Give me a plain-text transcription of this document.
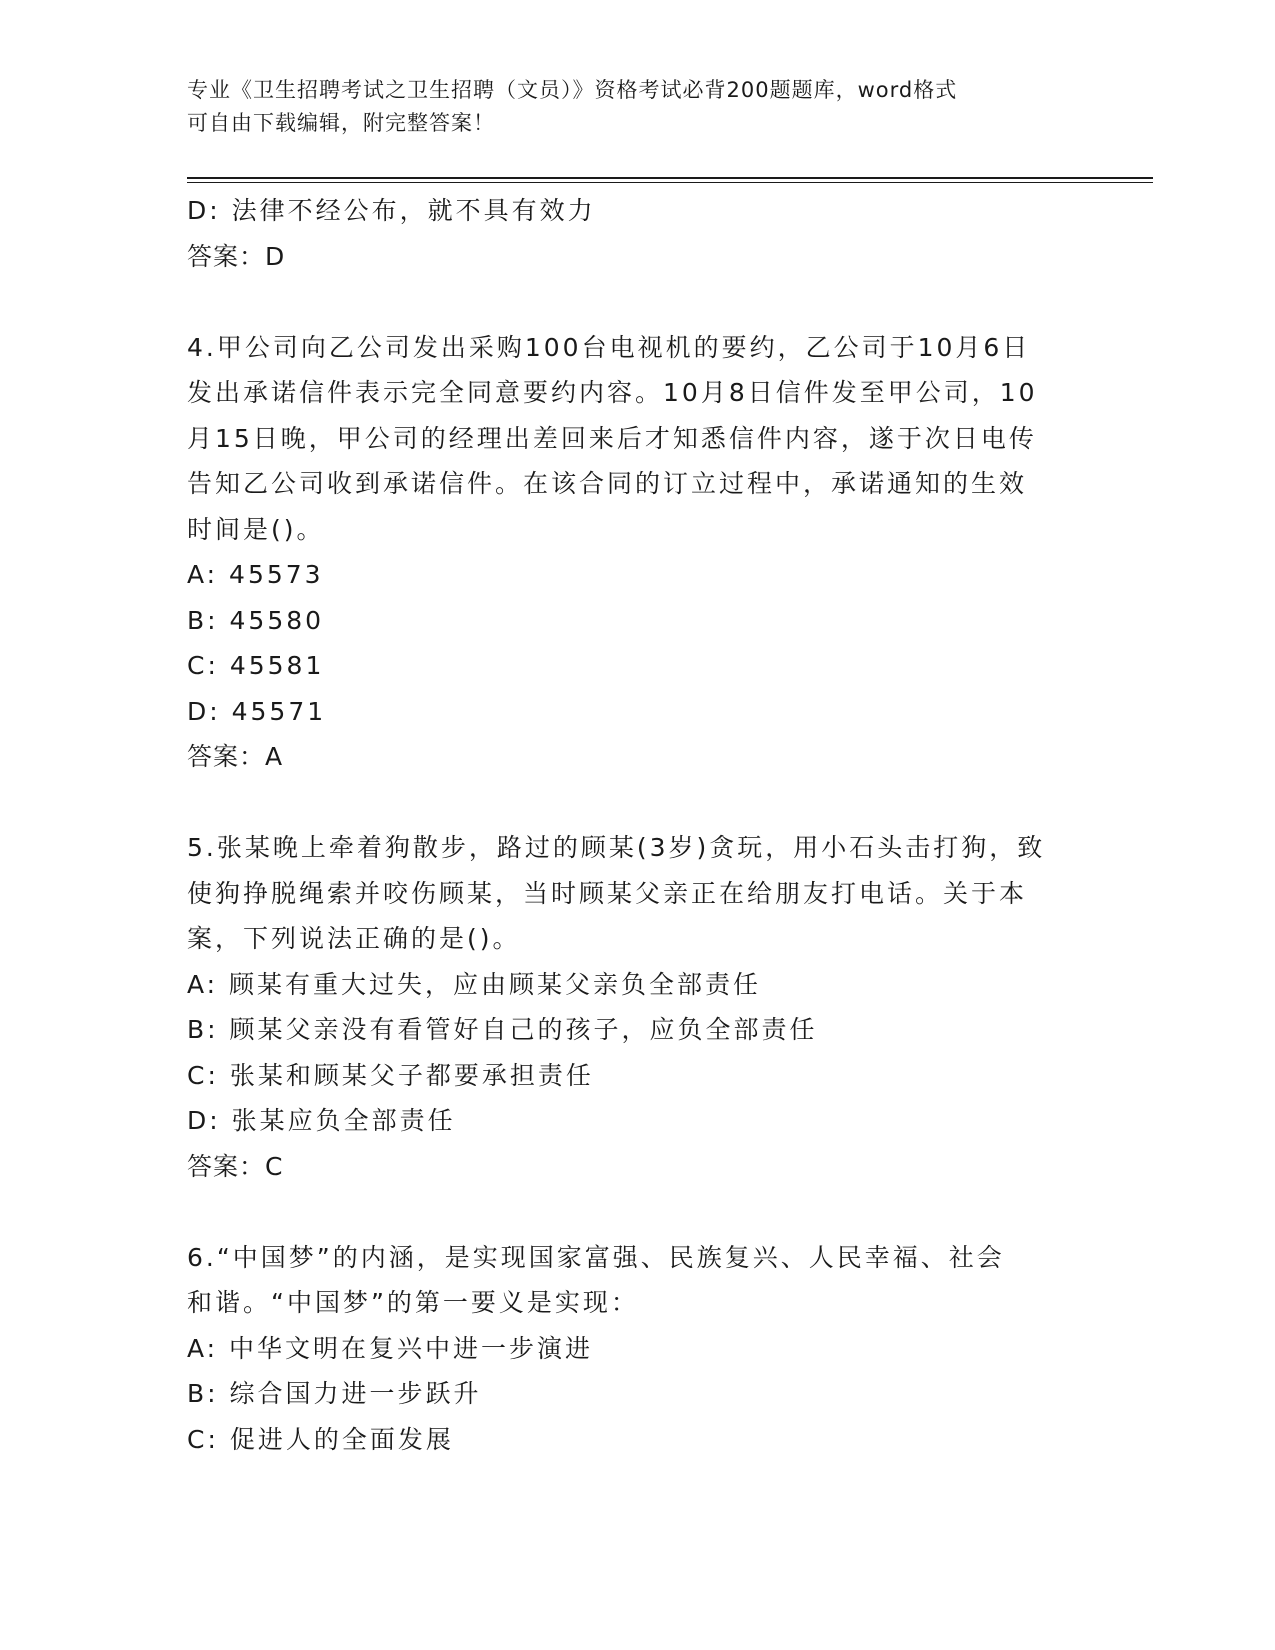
专业《卫生招聘考试之卫生招聘（文员）》资格考试必背200题题库，word格式
可自由下载编辑，附完整答案！
D: 法律不经公布，就不具有效力
答案：D
4.甲公司向乙公司发出采购100台电视机的要约，乙公司于10月6日
发出承诺信件表示完全同意要约内容。10月8日信件发至甲公司，10
月15日晚，甲公司的经理出差回来后才知悉信件内容，遂于次日电传
告知乙公司收到承诺信件。在该合同的订立过程中，承诺通知的生效
时间是()。
A: 45573
B: 45580
C: 45581
D: 45571
答案：A
5.张某晚上牵着狗散步，路过的顾某(3岁)贪玩，用小石头击打狗，致
使狗挣脱绳索并咬伤顾某，当时顾某父亲正在给朋友打电话。关于本
案，下列说法正确的是()。
A: 顾某有重大过失，应由顾某父亲负全部责任
B: 顾某父亲没有看管好自己的孩子，应负全部责任
C: 张某和顾某父子都要承担责任
D: 张某应负全部责任
答案：C
6.“中国梦”的内涵，是实现国家富强、民族复兴、人民幸福、社会
和谐。“中国梦”的第一要义是实现：
A: 中华文明在复兴中进一步演进
B: 综合国力进一步跃升
C: 促进人的全面发展
